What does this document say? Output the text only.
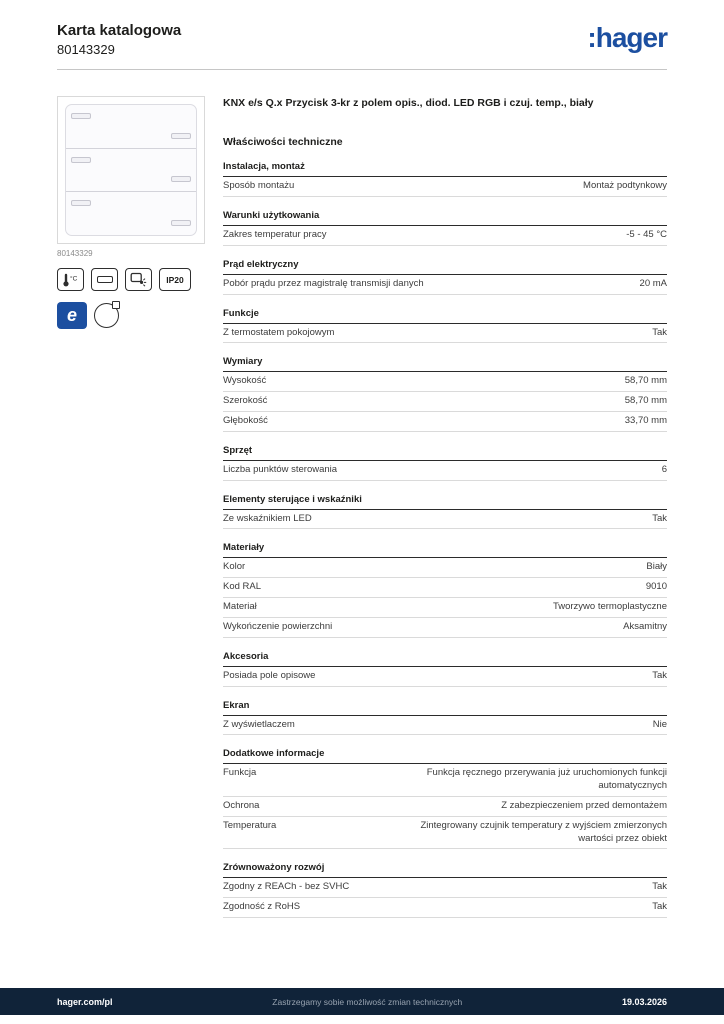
Karta katalogowa
80143329	:hager
80143329
°C	IP20
e
KNX e/s Q.x Przycisk 3-kr z polem opis., diod. LED RGB i czuj. temp., biały
Właściwości techniczne
Instalacja, montaż
Sposób montażu	Montaż podtynkowy
Warunki użytkowania
Zakres temperatur pracy	-5 - 45 °C
Prąd elektryczny
Pobór prądu przez magistralę transmisji danych	20 mA
Funkcje
Z termostatem pokojowym	Tak
Wymiary
Wysokość	58,70 mm
Szerokość	58,70 mm
Głębokość	33,70 mm
Sprzęt
Liczba punktów sterowania	6
Elementy sterujące i wskaźniki
Ze wskaźnikiem LED	Tak
Materiały
Kolor	Biały
Kod RAL	9010
Materiał	Tworzywo termoplastyczne
Wykończenie powierzchni	Aksamitny
Akcesoria
Posiada pole opisowe	Tak
Ekran
Z wyświetlaczem	Nie
Dodatkowe informacje
Funkcja	Funkcja ręcznego przerywania już uruchomionych funkcji automatycznych
Ochrona	Z zabezpieczeniem przed demontażem
Temperatura	Zintegrowany czujnik temperatury z wyjściem zmierzonych wartości przez obiekt
Zrównoważony rozwój
Zgodny z REACh - bez SVHC	Tak
Zgodność z RoHS	Tak
hager.com/pl	Zastrzegamy sobie możliwość zmian technicznych	19.03.2026
